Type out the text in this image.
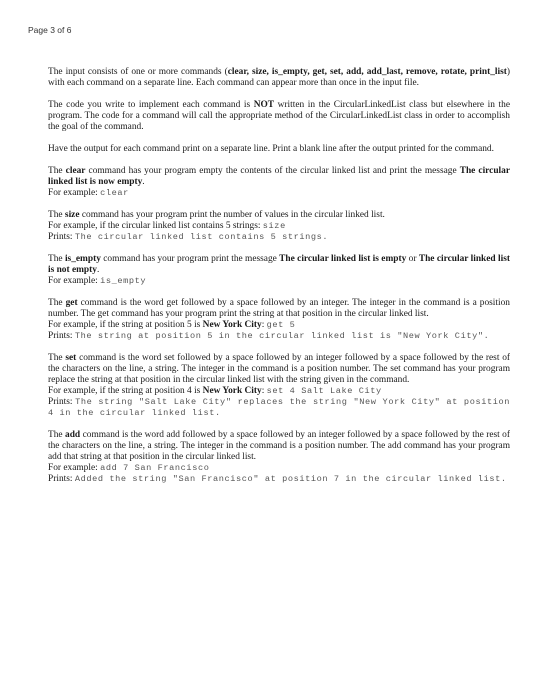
Page 3 of 6

The input consists of one or more commands (clear, size, is_empty, get, set, add, add_last, remove, rotate, print_list) with each command on a separate line. Each command can appear more than once in the input file.

The code you write to implement each command is NOT written in the CircularLinkedList class but elsewhere in the program. The code for a command will call the appropriate method of the CircularLinkedList class in order to accomplish the goal of the command.

Have the output for each command print on a separate line. Print a blank line after the output printed for the command.

The clear command has your program empty the contents of the circular linked list and print the message The circular linked list is now empty.

For example: clear

The size command has your program print the number of values in the circular linked list.

For example, if the circular linked list contains 5 strings: size

Prints: The circular linked list contains 5 strings.

The is_empty command has your program print the message The circular linked list is empty or The circular linked list is not empty.

For example: is_empty

The get command is the word get followed by a space followed by an integer. The integer in the command is a position number. The get command has your program print the string at that position in the circular linked list.

For example, if the string at position 5 is New York City: get 5

Prints: The string at position 5 in the circular linked list is "New York City".

The set command is the word set followed by a space followed by an integer followed by a space followed by the rest of the characters on the line, a string. The integer in the command is a position number. The set command has your program replace the string at that position in the circular linked list with the string given in the command.

For example, if the string at position 4 is New York City: set 4 Salt Lake City

Prints: The string "Salt Lake City" replaces the string "New York City" at position 4 in the circular linked list.

The add command is the word add followed by a space followed by an integer followed by a space followed by the rest of the characters on the line, a string. The integer in the command is a position number. The add command has your program add that string at that position in the circular linked list.

For example: add 7 San Francisco

Prints: Added the string "San Francisco" at position 7 in the circular linked list.
